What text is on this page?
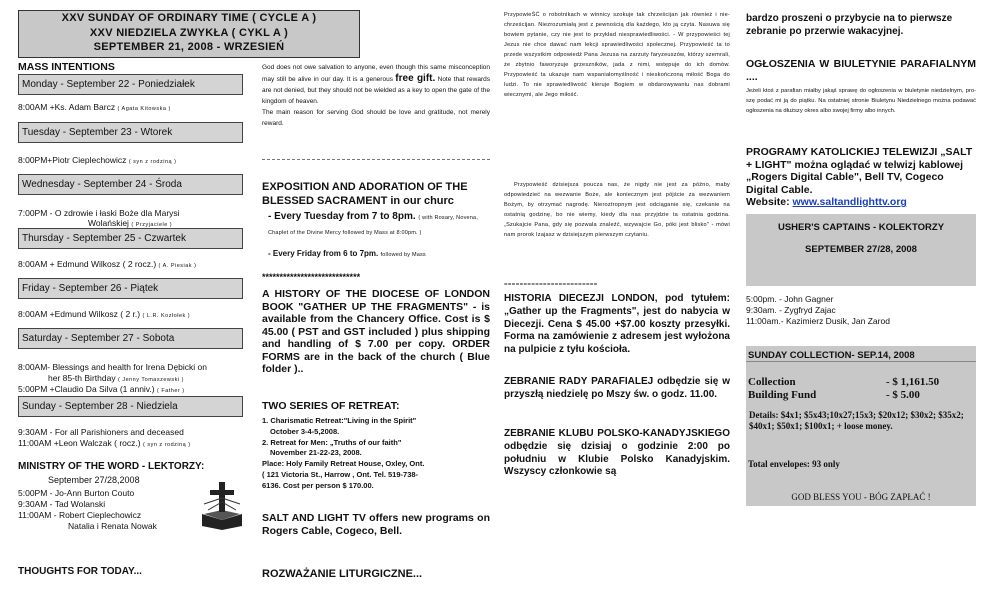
XXV SUNDAY OF ORDINARY TIME ( CYCLE A )
XXV NIEDZIELA ZWYKŁA ( CYKL A )
SEPTEMBER 21, 2008 - WRZESIEŃ
MASS INTENTIONS
Monday - September 22 - Poniedziałek
8:00AM +Ks. Adam Barcz ( Agata Kitowska )
Tuesday - September 23 - Wtorek
8:00PM+Piotr Cieplechowicz ( syn z rodziną )
Wednesday - September 24 - Środa
7:00PM - O zdrowie i łaski Boże dla Marysi
Wolańskiej ( Przyjaciele )
Thursday - September 25 - Czwartek
8:00AM + Edmund Wilkosz ( 2 rocz.) ( A. Piesiak )
Friday - September 26 - Piątek
8:00AM +Edmund Wilkosz ( 2 r.) ( L.R. Kozłołek )
Saturday - September 27 - Sobota
8:00AM- Blessings and health for Irena Dębicki on
her 85-th Birthday ( Jenny Tomaszewski )
5:00PM +Claudio Da Silva (1 anniv.) ( Father )
Sunday - September 28 - Niedziela
9:30AM - For all Parishioners and deceased
11:00AM +Leon Walczak ( rocz.) ( syn z rodziną )
MINISTRY OF THE WORD - LEKTORZY:
September 27/28,2008
5:00PM - Jo-Ann Burton Couto
9:30AM - Tad Wolanski
11:00AM - Robert Cieplechowicz
Natalia i Renata Nowak
THOUGHTS FOR TODAY...
God does not owe salvation to anyone, even though this same misconception may still be alive in our day. It is a generous free gift. Note that rewards are not denied, but they should not be wielded as a key to open the gate of the kingdom of heaven.
The main reason for serving God should be love and gratitude, not merely reward.
EXPOSITION AND ADORATION OF THE BLESSED SACRAMENT in our churc
- Every Tuesday from 7 to 8pm. ( with Rosary, Novena, Chaplet of the Divine Mercy followed by Mass at 8:00pm. )
- Every Friday from 6 to 7pm. followed by Mass
****************************
A HISTORY OF THE DIOCESE OF LONDON BOOK "GATHER UP THE FRAGMENTS" - is available from the Chancery Office. Cost is $ 45.00 ( PST and GST included ) plus shipping and handling of $ 7.00 per copy. ORDER FORMS are in the back of the church ( Blue folder )..
TWO SERIES OF RETREAT:
1. Charismatic Retreat:"Living in the Spirit"
October 3-4-5,2008.
2. Retreat for Men: „Truths of our faith"
November 21-22-23, 2008.
Place: Holy Family Retreat House, Oxley, Ont.
( 121 Victoria St., Harrow , Ont. Tel. 519-738-
6136. Cost per person $ 170.00.
SALT AND LIGHT TV offers new programs on Rogers Cable, Cogeco, Bell.
ROZWAŻANIE LITURGICZNE...
PrzypowieŚĆ o robotnikach w winnicy szokuje tak chrześcijan jak również i nie-chrześcijan. Niezrozumiałą jest z pewnością dla każdego, kto ją czyta. Nasuwa się bowiem pytanie, czy nie jest to przykład niesprawiedliwości. - W przypowieści tej Jezus nie chce dawać nam lekcji sprawiedliwości społecznej. Przypowieść ta to przede wszystkim odpowiedź Pana Jezusa na zarzuty faryzeuszów, którzy szemrali, że zbytnio faworyzuje grzeszników, jada z nimi, wstępuje do ich domów. Przypowieść ta ukazuje nam wspaniałomyślność i nieskończoną miłość Boga do ludzi. To nie sprawiedliwość kieruje Bogiem w obdarowywaniu nas dobrami wiecznymi, ale Jego miłość.
Przypowieść dzisiejsza poucza nas, że nigdy nie jest za późno, maby odpowiedzieć na wezwanie Boże, ale koniecznym jest pójście za wezwaniem Bożym, by otrzymać nagrodę. Nieroztropnym jest odciąganie się, czekanie na ostatnią godzinę, bo nie wiemy, kiedy dla nas przyjdzie ta ostatnia godzina. „Szukajcie Pana, gdy się pozwala znaleźć, wzywajcie Go, póki jest blisko" - mówi nam prorok Izajasz w dzisiejszym pierwszym czytaniu.
========================
HISTORIA DIECEZJI LONDON, pod tytułem: „Gather up the Fragments", jest do nabycia w Diecezji. Cena $ 45.00 +$7.00 koszty przesyłki. Forma na zamówienie z adresem jest wyłożona na pulpicie z tyłu kościoła.
ZEBRANIE RADY PARAFIALEJ odbędzie się w przyszłą niedzielę po Mszy św. o godz. 11.00.
ZEBRANIE KLUBU POLSKO-KANADYJSKIEGO odbędzie się dzisiaj o godzinie 2:00 po południu w Klubie Polsko Kanadyjskim. Wszyscy członkowie są
bardzo proszeni o przybycie na to pierwsze zebranie po przerwie wakacyjnej.
OGŁOSZENIA W BIULETYNIE PARAFIALNYM ....
Jeżeli ktoś z parafian miałby jakąś sprawę do ogłoszenia w biuletynie niedzielnym, pro-szę podać mi ją do piątku. Na ostatniej stronie Biuletynu Niedzielnego można podawać ogłoszenia na dłuższy okres albo swojej firmy albo innych.
PROGRAMY KATOLICKIEJ TELEWIZJI „SALT + LIGHT" można oglądać w telwizj kablowej „Rogers Digital Cable", Bell TV, Cogeco Digital Cable.
Website: www.saltandlighttv.org
USHER'S CAPTAINS - KOLEKTORZY
SEPTEMBER 27/28, 2008
5:00pm. - John Gagner
9:30am. - Zygfryd Zajac
11:00am.- Kazimierz Dusik, Jan Zarod
SUNDAY COLLECTION- SEP.14, 2008
Collection	- $ 1,161.50
Building Fund	- $ 5.00
Details: $4x1; $5x43;10x27;15x3; $20x12; $30x2; $35x2; $40x1; $50x1; $100x1; + loose money.
Total envelopes: 93 only
GOD BLESS YOU - BÓG ZAPŁAĆ !
